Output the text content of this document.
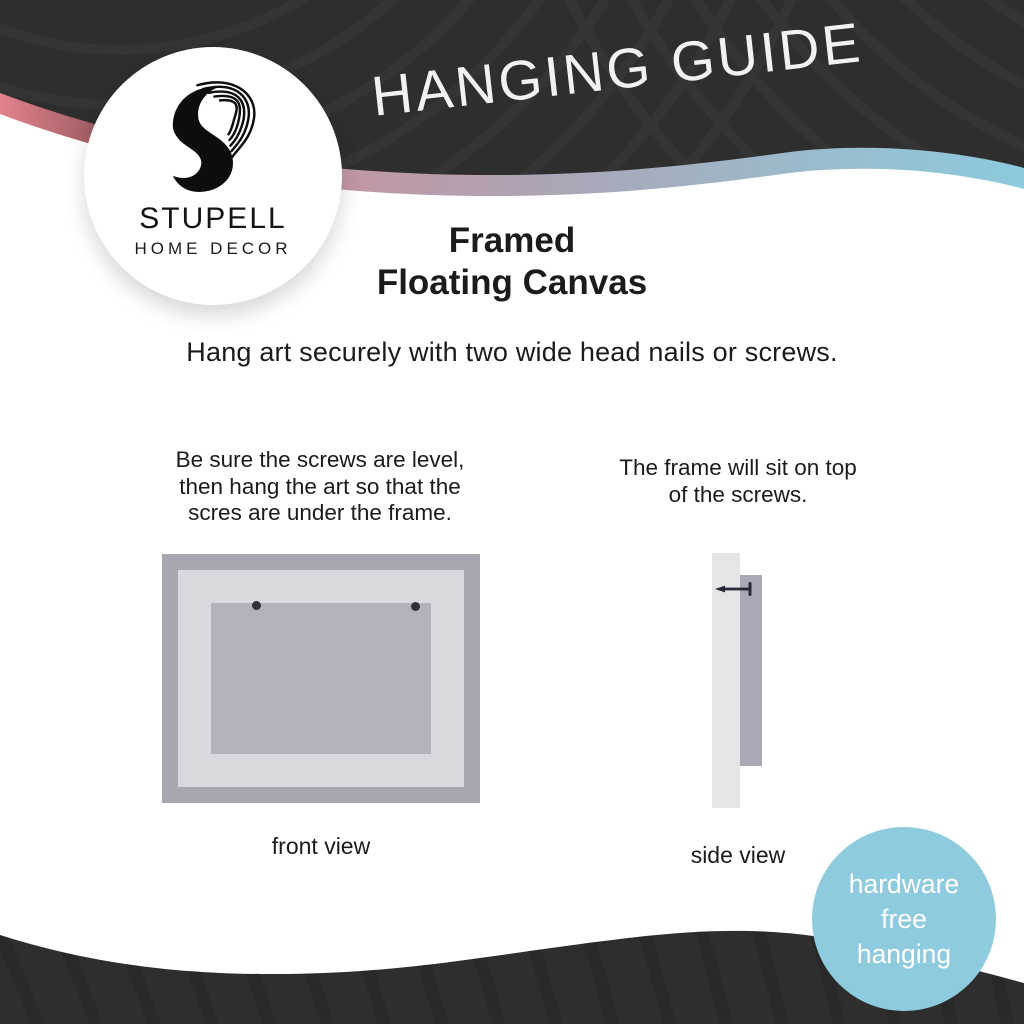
HANGING GUIDE
STUPELL
HOME DECOR	Framed
Floating Canvas
Hang art securely with two wide head nails or screws.
Be sure the screws are level,
then hang the art so that the
scres are under the frame.
The frame will sit on top
of the screws.
front view	side view
hardware
free
hanging
